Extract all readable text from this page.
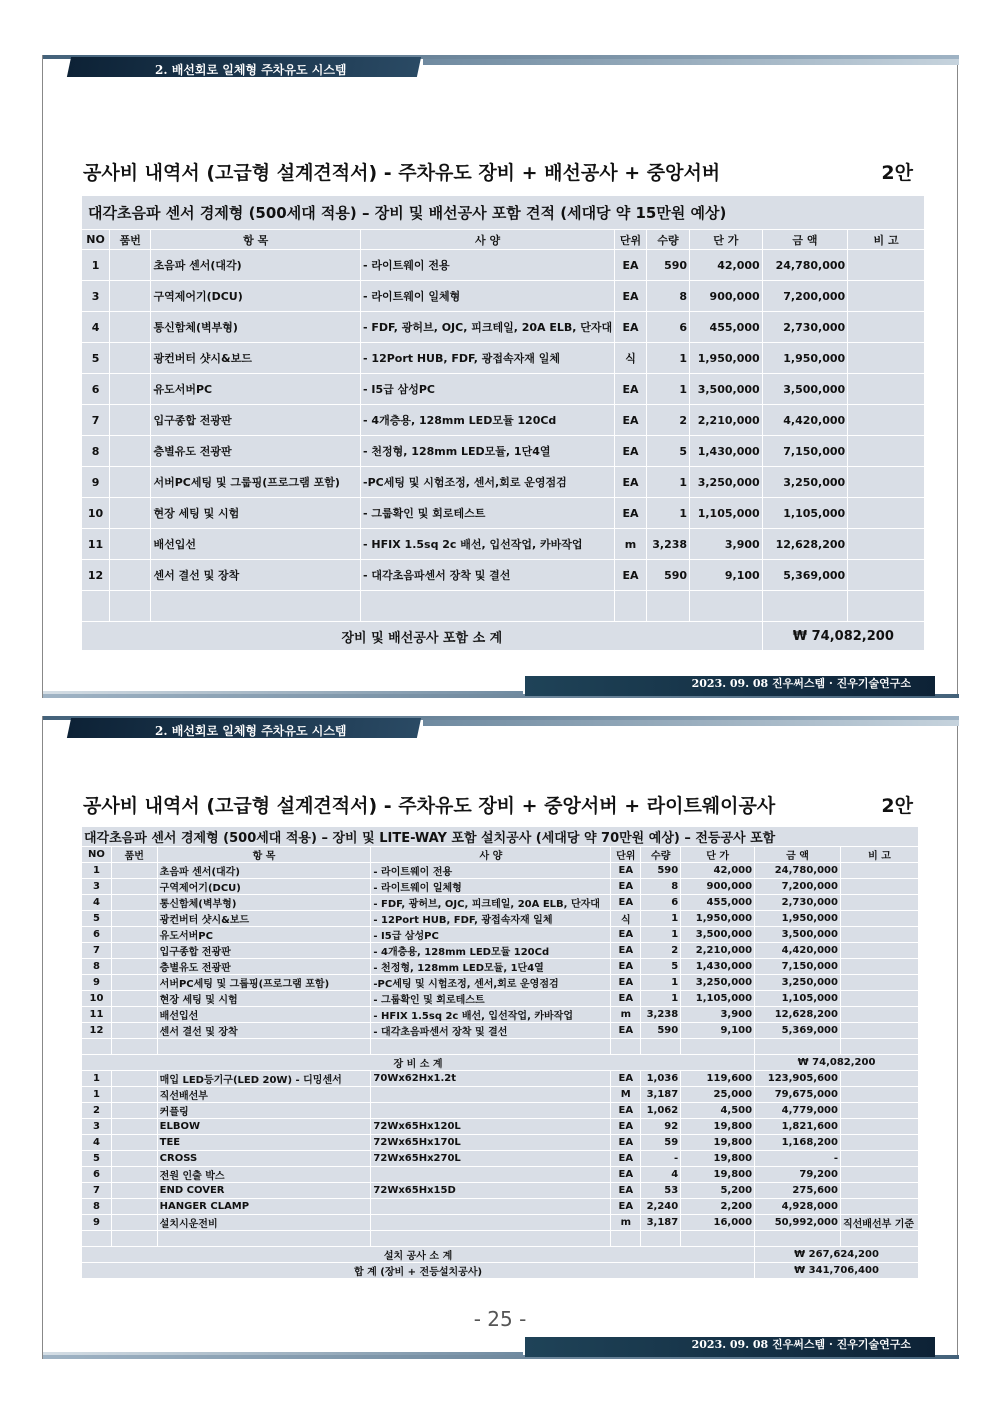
2. 배선회로 일체형 주차유도 시스템
공사비 내역서 (고급형 설계견적서) - 주차유도 장비 + 배선공사 + 중앙서버	2안
대각초음파 센서 경제형 (500세대 적용) – 장비 및 배선공사 포함 견적 (세대당 약 15만원 예상)								
NO	품번	항 목	사 양	단위	수량	단 가	금 액	비 고
1		초음파 센서(대각)	- 라이트웨이 전용	EA	590	42,000	24,780,000	
3		구역제어기(DCU)	- 라이트웨이 일체형	EA	8	900,000	7,200,000	
4		통신함체(벽부형)	- FDF, 광허브, OJC, 피크테일, 20A ELB, 단자대	EA	6	455,000	2,730,000	
5		광컨버터 샷시&보드	- 12Port HUB, FDF, 광접속자재 일체	식	1	1,950,000	1,950,000	
6		유도서버PC	- I5급 삼성PC	EA	1	3,500,000	3,500,000	
7		입구종합 전광판	- 4개층용, 128mm LED모듈 120Cd	EA	2	2,210,000	4,420,000	
8		층별유도 전광판	- 천정형, 128mm LED모듈, 1단4열	EA	5	1,430,000	7,150,000	
9		서버PC세팅 및 그룹핑(프로그램 포함)	-PC세팅 및 시험조정, 센서,회로 운영점검	EA	1	3,250,000	3,250,000	
10		현장 세팅 및 시험	- 그룹확인 및 회로테스트	EA	1	1,105,000	1,105,000	
11		배선입선	- HFIX 1.5sq 2c 배선, 입선작업, 카바작업	m	3,238	3,900	12,628,200	
12		센서 결선 및 장착	- 대각초음파센서 장착 및 결선	EA	590	9,100	5,369,000	

장비 및 배선공사 포함 소 계							₩ 74,082,200	
2023. 09. 08 진우써스템 · 진우기술연구소
2. 배선회로 일체형 주차유도 시스템
공사비 내역서 (고급형 설계견적서) - 주차유도 장비 + 중앙서버 + 라이트웨이공사	2안
대각초음파 센서 경제형 (500세대 적용) – 장비 및 LITE-WAY 포함 설치공사 (세대당 약 70만원 예상) – 전등공사 포함								
NO	품번	항 목	사 양	단위	수량	단 가	금 액	비 고
1		초음파 센서(대각)	- 라이트웨이 전용	EA	590	42,000	24,780,000	
3		구역제어기(DCU)	- 라이트웨이 일체형	EA	8	900,000	7,200,000	
4		통신함체(벽부형)	- FDF, 광허브, OJC, 피크테일, 20A ELB, 단자대	EA	6	455,000	2,730,000	
5		광컨버터 샷시&보드	- 12Port HUB, FDF, 광접속자재 일체	식	1	1,950,000	1,950,000	
6		유도서버PC	- I5급 삼성PC	EA	1	3,500,000	3,500,000	
7		입구종합 전광판	- 4개층용, 128mm LED모듈 120Cd	EA	2	2,210,000	4,420,000	
8		층별유도 전광판	- 천정형, 128mm LED모듈, 1단4열	EA	5	1,430,000	7,150,000	
9		서버PC세팅 및 그룹핑(프로그램 포함)	-PC세팅 및 시험조정, 센서,회로 운영점검	EA	1	3,250,000	3,250,000	
10		현장 세팅 및 시험	- 그룹확인 및 회로테스트	EA	1	1,105,000	1,105,000	
11		배선입선	- HFIX 1.5sq 2c 배선, 입선작업, 카바작업	m	3,238	3,900	12,628,200	
12		센서 결선 및 장착	- 대각초음파센서 장착 및 결선	EA	590	9,100	5,369,000	

장 비 소 계							₩ 74,082,200	
1		매입 LED등기구(LED 20W) - 디밍센서	70Wx62Hx1.2t	EA	1,036	119,600	123,905,600	
1		직선배선부		M	3,187	25,000	79,675,000	
2		커플링		EA	1,062	4,500	4,779,000	
3		ELBOW	72Wx65Hx120L	EA	92	19,800	1,821,600	
4		TEE	72Wx65Hx170L	EA	59	19,800	1,168,200	
5		CROSS	72Wx65Hx270L	EA	-	19,800	-	
6		전원 인출 박스		EA	4	19,800	79,200	
7		END COVER	72Wx65Hx15D	EA	53	5,200	275,600	
8		HANGER CLAMP		EA	2,240	2,200	4,928,000	
9		설치시운전비		m	3,187	16,000	50,992,000	직선배선부 기준

설치 공사 소 계							₩ 267,624,200	
합 계 (장비 + 전등설치공사)							₩ 341,706,400	
2023. 09. 08 진우써스템 · 진우기술연구소
- 25 -
